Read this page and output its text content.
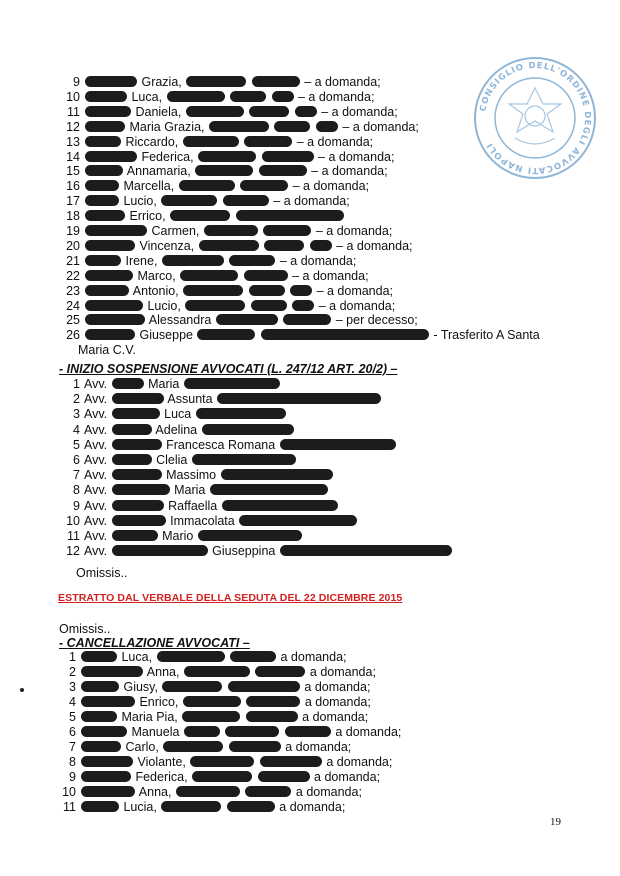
CONSIGLIO DELL'ORDINE DEGLI AVVOCATI NAPOLI
9	Grazia,	– a domanda;
10	Luca,	– a domanda;
11	Daniela,	– a domanda;
12	Maria Grazia,	– a domanda;
13	Riccardo,	– a domanda;
14	Federica,	– a domanda;
15	Annamaria,	– a domanda;
16	Marcella,	– a domanda;
17	Lucio,	– a domanda;
18	Errico,
19	Carmen,	– a domanda;
20	Vincenza,	– a domanda;
21	Irene,	– a domanda;
22	Marco,	– a domanda;
23	Antonio,	– a domanda;
24	Lucio,	– a domanda;
25	Alessandra	– per decesso;
26	Giuseppe	- Trasferito A Santa
Maria C.V.
- INIZIO SOSPENSIONE AVVOCATI (L. 247/12 ART. 20/2) –
1 Avv.	Maria
2 Avv.	Assunta
3 Avv.	Luca
4 Avv.	Adelina
5 Avv.	Francesca Romana
6 Avv.	Clelia
7 Avv.	Massimo
8 Avv.	Maria
9 Avv.	Raffaella
10 Avv.	Immacolata
11 Avv.	Mario
12 Avv.	Giuseppina
Omissis..
ESTRATTO DAL VERBALE DELLA SEDUTA DEL 22 DICEMBRE 2015
Omissis..
- CANCELLAZIONE AVVOCATI –
1	Luca,	a domanda;
2	Anna,	a domanda;
3	Giusy,	a domanda;
4	Enrico,	a domanda;
5	Maria Pia,	a domanda;
6	Manuela	a domanda;
7	Carlo,	a domanda;
8	Violante,	a domanda;
9	Federica,	a domanda;
10	Anna,	a domanda;
11	Lucia,	a domanda;
19
